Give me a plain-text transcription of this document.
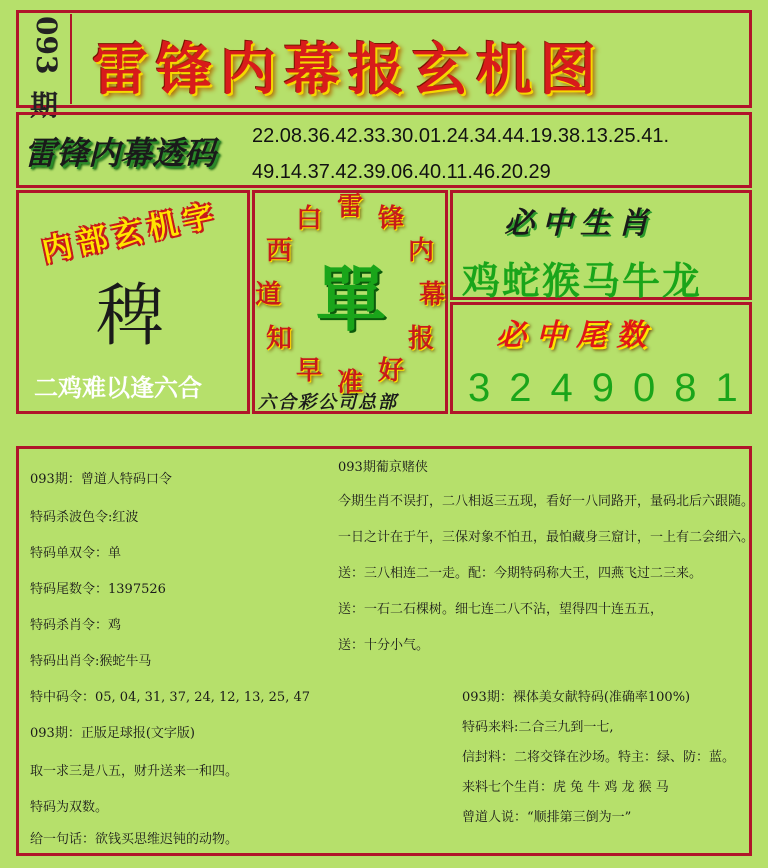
093
期
雷锋内幕报玄机图
雷锋内幕透码 22.08.36.42.33.30.01.24.34.44.19.38.13.25.41.
49.14.37.42.39.06.40.11.46.20.29
内部玄机字
稗
二鸡难以逢六合
雷 锋
内
幕
报
好
准
早
知
道
西
白
單
六合彩公司总部
必中生肖
鸡蛇猴马牛龙
必中尾数
3249081
093期：曾道人特码口令
特码杀波色令:红波
特码单双令：单
特码尾数令：1397526
特码杀肖令：鸡
特码出肖令:猴蛇牛马
特中码令：05, 04, 31, 37, 24, 12, 13, 25, 47
093期：正版足球报(文字版)
取一求三是八五，财升送来一和四。
特码为双数。
给一句话：欲钱买思维迟钝的动物。
093期葡京赌侠
今期生肖不误打，二八相返三五现，看好一八同路开，量码北后六跟随。
一日之计在于午，三保对象不怕丑，最怕藏身三窟计，一上有二会细六。
送：三八相连二一走。配：今期特码称大王，四燕飞过二三来。
送：一石二石棵树。细七连二八不沾，望得四十连五五，
送：十分小气。
093期：裸体美女献特码(准确率100%)
特码来料:二合三九到一七,
信封料：二将交锋在沙场。特主：绿、防：蓝。
来料七个生肖：虎 兔 牛 鸡 龙 猴 马
曾道人说：“顺排第三倒为一”
